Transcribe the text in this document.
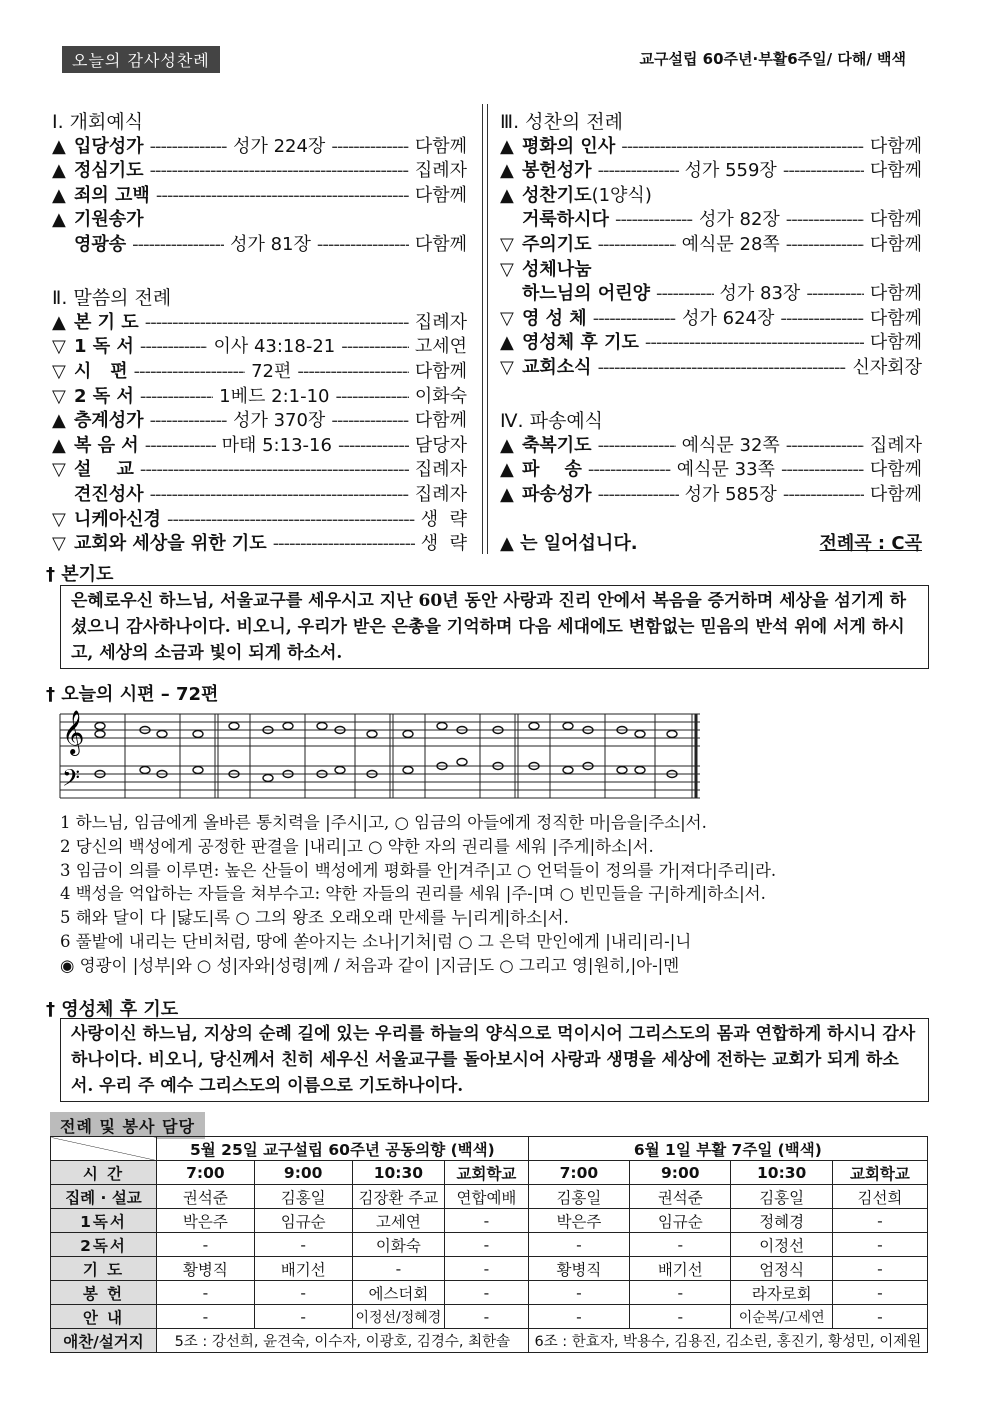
오늘의 감사성찬례	교구설립 60주년·부활6주일/ 다해/ 백색
Ⅰ. 개회예식
▲ 입당성가 -----	성가 224장 -----	다함께
▲ 정심기도 -----	집례자
▲ 죄의 고백 -----	다함께
▲ 기원송가
영광송 -----	성가 81장 -----	다함께
Ⅱ. 말씀의 전례
▲ 본 기 도 -----	집례자
▽ 1 독 서 -----	이사 43:18-21 -----	고세연
▽ 시   편 -----	72편 -----	다함께
▽ 2 독 서 -----	1베드 2:1-10 -----	이화숙
▲ 층계성가 -----	성가 370장 -----	다함께
▲ 복 음 서 -----	마태 5:13-16 -----	담당자
▽ 설    교 -----	집례자
견진성사 -----	집례자
▽ 니케아신경 -----	생  략
▽ 교회와 세상을 위한 기도 -----	생  략
Ⅲ. 성찬의 전례
▲ 평화의 인사 -----	다함께
▲ 봉헌성가 -----	성가 559장 -----	다함께
▲ 성찬기도 (1양식)
거룩하시다 -----	성가 82장 -----	다함께
▽ 주의기도 -----	예식문 28쪽 -----	다함께
▽ 성체나눔
하느님의 어린양 -----	성가 83장 -----	다함께
▽ 영 성 체 -----	성가 624장 -----	다함께
▲ 영성체 후 기도 -----	다함께
▽ 교회소식 -----	신자회장
Ⅳ. 파송예식
▲ 축복기도 -----	예식문 32쪽 -----	집례자
▲ 파    송 -----	예식문 33쪽 -----	다함께
▲ 파송성가 -----	성가 585장 -----	다함께
▲ 는 일어섭니다.	전례곡 : C곡
† 본기도
은혜로우신 하느님, 서울교구를 세우시고 지난 60년 동안 사랑과 진리 안에서 복음을 증거하며 세상을 섬기게 하셨으니 감사하나이다. 비오니, 우리가 받은 은총을 기억하며 다음 세대에도 변함없는 믿음의 반석 위에 서게 하시고, 세상의 소금과 빛이 되게 하소서.
† 오늘의 시편 – 72편
𝄞
𝄢
1 하느님, 임금에게 올바른 통치력을 |주시|고, ○ 임금의 아들에게 정직한 마|음을|주소|서.
2 당신의 백성에게 공정한 판결을 |내리|고 ○ 약한 자의 권리를 세워 |주게|하소|서.
3 임금이 의를 이루면: 높은 산들이 백성에게 평화를 안|겨주|고 ○ 언덕들이 정의를 가|져다|주리|라.
4 백성을 억압하는 자들을 쳐부수고: 약한 자들의 권리를 세워 |주-|며 ○ 빈민들을 구|하게|하소|서.
5 해와 달이 다 |닳도|록 ○ 그의 왕조 오래오래 만세를 누|리게|하소|서.
6 풀밭에 내리는 단비처럼, 땅에 쏟아지는 소나|기처|럼 ○ 그 은덕 만인에게 |내리|리-|니
◉ 영광이 |성부|와 ○ 성|자와|성령|께 / 처음과 같이 |지금|도 ○ 그리고 영|원히,|아-|멘
† 영성체 후 기도
사랑이신 하느님, 지상의 순례 길에 있는 우리를 하늘의 양식으로 먹이시어 그리스도의 몸과 연합하게 하시니 감사하나이다. 비오니, 당신께서 친히 세우신 서울교구를 돌아보시어 사랑과 생명을 세상에 전하는 교회가 되게 하소서. 우리 주 예수 그리스도의 이름으로 기도하나이다.
전례 및 봉사 담당
	5월 25일 교구설립 60주년 공동의향 (백색)				6월 1일 부활 7주일 (백색)			
시 간	7:00	9:00	10:30	교회학교	7:00	9:00	10:30	교회학교
집례 · 설교	권석준	김홍일	김장환 주교	연합예배	김홍일	권석준	김홍일	김선희
1독서	박은주	임규순	고세연	-	박은주	임규순	정혜경	-
2독서	-	-	이화숙	-	-	-	이정선	-
기 도	황병직	배기선	-	-	황병직	배기선	엄정식	-
봉 헌	-	-	에스더회	-	-	-	라자로회	-
안 내	-	-	이정선/정혜경	-	-	-	이순복/고세연	-
애찬/설거지	5조 : 강선희, 윤견숙, 이수자, 이광호, 김경수, 최한솔				6조 : 한효자, 박용수, 김용진, 김소린, 홍진기, 황성민, 이제원			
